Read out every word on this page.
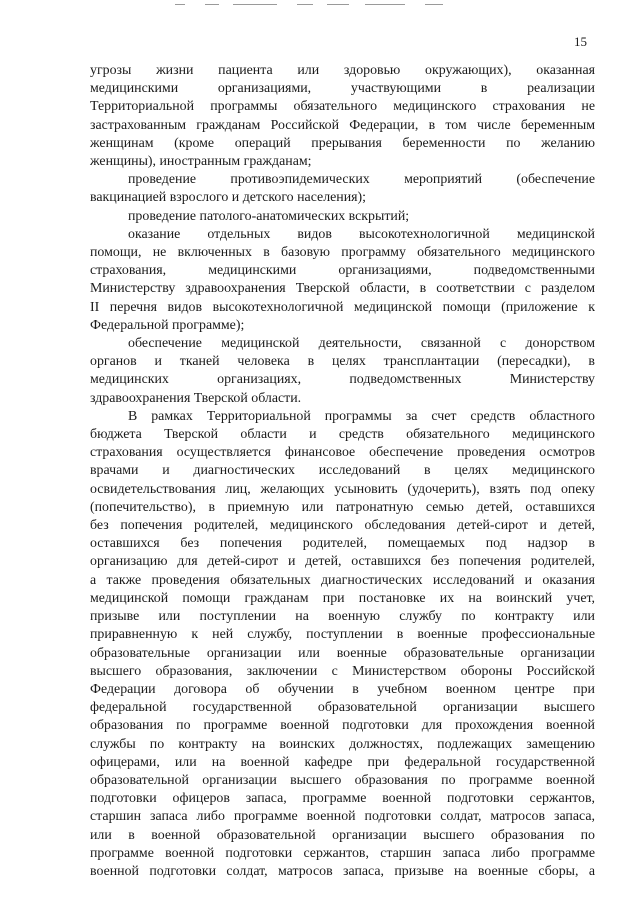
15
угрозы жизни пациента или здоровью окружающих), оказанная
медицинскими организациями, участвующими в реализации
Территориальной программы обязательного медицинского страхования не
застрахованным гражданам Российской Федерации, в том числе беременным
женщинам (кроме операций прерывания беременности по желанию
женщины), иностранным гражданам;
проведение противоэпидемических мероприятий (обеспечение
вакцинацией взрослого и детского населения);
проведение патолого-анатомических вскрытий;
оказание отдельных видов высокотехнологичной медицинской
помощи, не включенных в базовую программу обязательного медицинского
страхования, медицинскими организациями, подведомственными
Министерству здравоохранения Тверской области, в соответствии с разделом
II перечня видов высокотехнологичной медицинской помощи (приложение к
Федеральной программе);
обеспечение медицинской деятельности, связанной с донорством
органов и тканей человека в целях трансплантации (пересадки), в
медицинских организациях, подведомственных Министерству
здравоохранения Тверской области.
В рамках Территориальной программы за счет средств областного
бюджета Тверской области и средств обязательного медицинского
страхования осуществляется финансовое обеспечение проведения осмотров
врачами и диагностических исследований в целях медицинского
освидетельствования лиц, желающих усыновить (удочерить), взять под опеку
(попечительство), в приемную или патронатную семью детей, оставшихся
без попечения родителей, медицинского обследования детей-сирот и детей,
оставшихся без попечения родителей, помещаемых под надзор в
организацию для детей-сирот и детей, оставшихся без попечения родителей,
а также проведения обязательных диагностических исследований и оказания
медицинской помощи гражданам при постановке их на воинский учет,
призыве или поступлении на военную службу по контракту или
приравненную к ней службу, поступлении в военные профессиональные
образовательные организации или военные образовательные организации
высшего образования, заключении с Министерством обороны Российской
Федерации договора об обучении в учебном военном центре при
федеральной государственной образовательной организации высшего
образования по программе военной подготовки для прохождения военной
службы по контракту на воинских должностях, подлежащих замещению
офицерами, или на военной кафедре при федеральной государственной
образовательной организации высшего образования по программе военной
подготовки офицеров запаса, программе военной подготовки сержантов,
старшин запаса либо программе военной подготовки солдат, матросов запаса,
или в военной образовательной организации высшего образования по
программе военной подготовки сержантов, старшин запаса либо программе
военной подготовки солдат, матросов запаса, призыве на военные сборы, а
